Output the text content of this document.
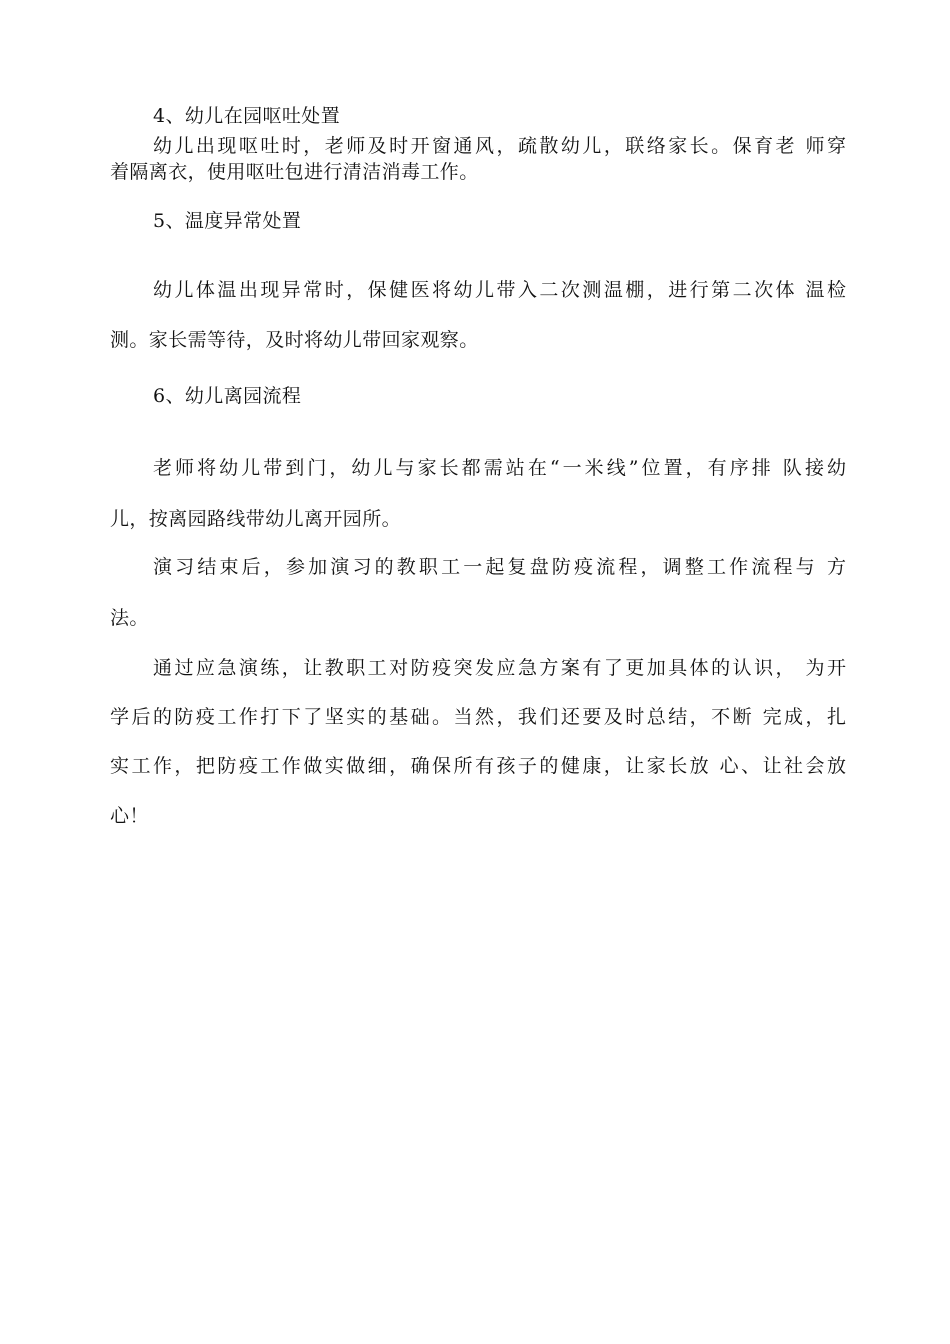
4、幼儿在园呕吐处置
幼儿出现呕吐时，老师及时开窗通风，疏散幼儿，联络家长。保育老 师穿
着隔离衣，使用呕吐包进行清洁消毒工作。
5、温度异常处置
幼儿体温出现异常时，保健医将幼儿带入二次测温棚，进行第二次体 温检
测。家长需等待，及时将幼儿带回家观察。
6、幼儿离园流程
老师将幼儿带到门，幼儿与家长都需站在“一米线”位置，有序排 队接幼
儿，按离园路线带幼儿离开园所。
演习结束后，参加演习的教职工一起复盘防疫流程，调整工作流程与 方
法。
通过应急演练，让教职工对防疫突发应急方案有了更加具体的认识， 为开
学后的防疫工作打下了坚实的基础。当然，我们还要及时总结，不断 完成，扎
实工作，把防疫工作做实做细，确保所有孩子的健康，让家长放 心、让社会放
心！
